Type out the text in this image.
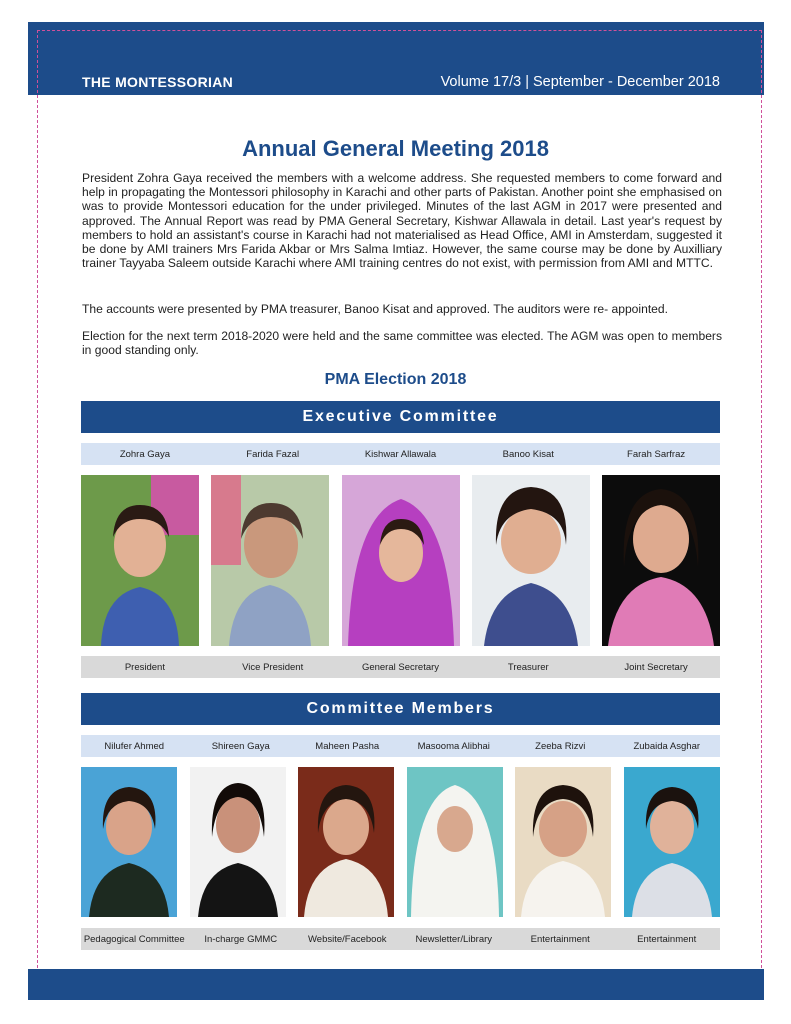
THE MONTESSORIAN	Volume 17/3 | September - December 2018
Annual General Meeting 2018

President Zohra Gaya received the members with a welcome address. She requested members to come forward and help in propagating the Montessori philosophy in Karachi and other parts of Pakistan. Another point she emphasised on was to provide Montessori education for the under privileged. Minutes of the last AGM in 2017 were presented and approved. The Annual Report was read by PMA General Secretary, Kishwar Allawala in detail. Last year's request by members to hold an assistant's course in Karachi had not materialised as Head Office, AMI in Amsterdam, suggested it be done by AMI trainers Mrs Farida Akbar or Mrs Salma Imtiaz. However, the same course may be done by Auxilliary trainer Tayyaba Saleem outside Karachi where AMI training centres do not exist, with permission from AMI and MTTC.

The accounts were presented by PMA treasurer, Banoo Kisat and approved. The auditors were re- appointed.

Election for the next term 2018-2020 were held and the same committee was elected. The AGM was open to members in good standing only.

PMA Election 2018
Executive Committee
Zohra Gaya	Farida Fazal	Kishwar Allawala	Banoo Kisat	Farah Sarfraz
President	Vice President	General Secretary	Treasurer	Joint Secretary
Committee Members
Nilufer Ahmed	Shireen Gaya	Maheen Pasha	Masooma Alibhai	Zeeba Rizvi	Zubaida Asghar
Pedagogical Committee	In-charge GMMC	Website/Facebook	Newsletter/Library	Entertainment	Entertainment
